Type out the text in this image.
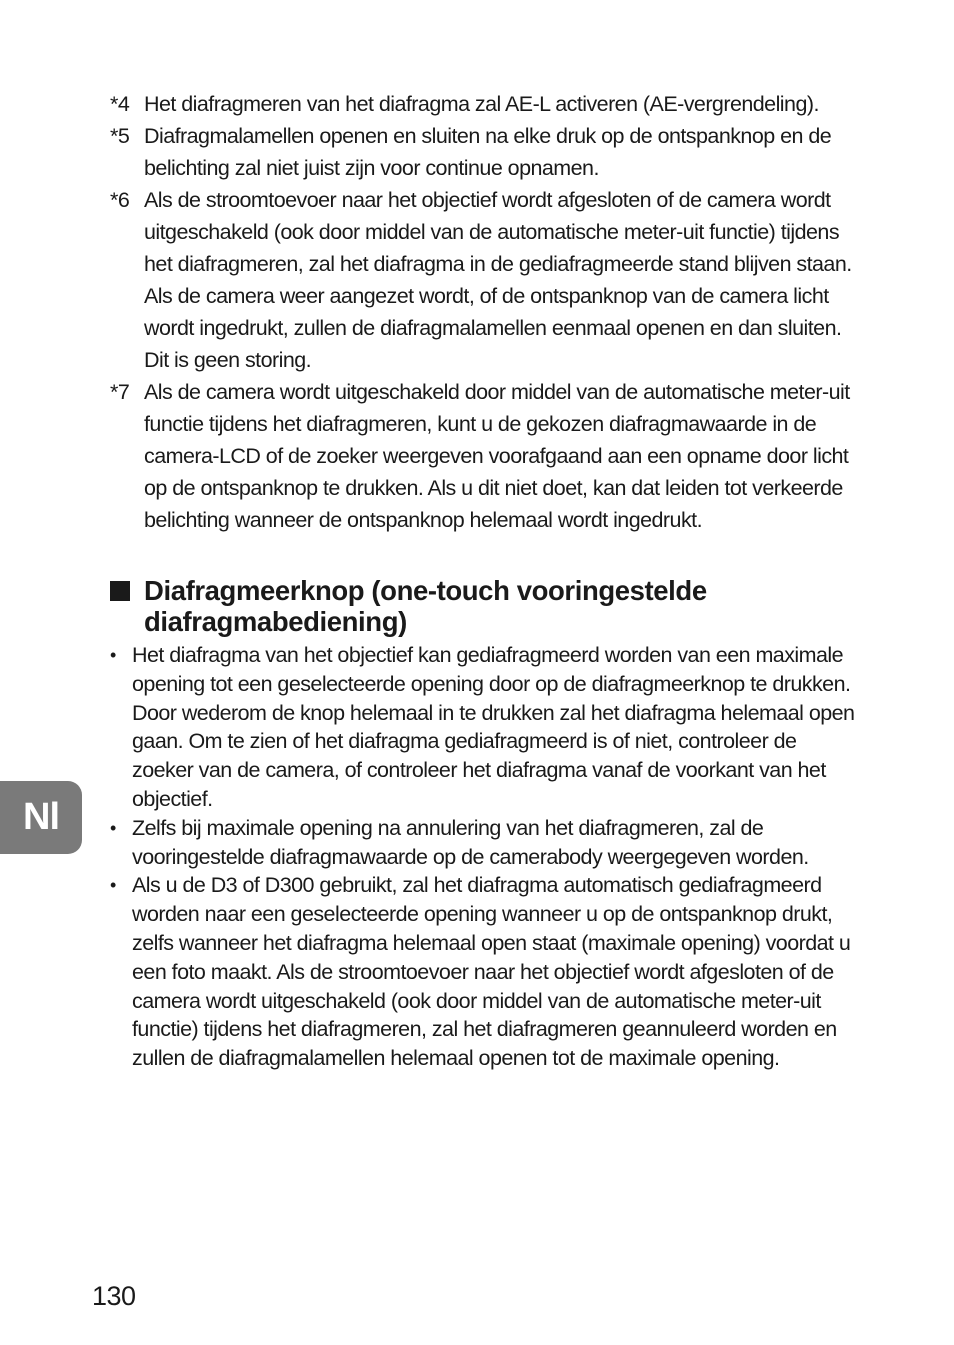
*4 Het diafragmeren van het diafragma zal AE-L activeren (AE-vergrendeling).
*5 Diafragmalamellen openen en sluiten na elke druk op de ontspanknop en de belichting zal niet juist zijn voor continue opnamen.
*6 Als de stroomtoevoer naar het objectief wordt afgesloten of de camera wordt uitgeschakeld (ook door middel van de automatische meter-uit functie) tijdens het diafragmeren, zal het diafragma in de gediafragmeerde stand blijven staan. Als de camera weer aangezet wordt, of de ontspanknop van de camera licht wordt ingedrukt, zullen de diafragmalamellen eenmaal openen en dan sluiten. Dit is geen storing.
*7 Als de camera wordt uitgeschakeld door middel van de automatische meter-uit functie tijdens het diafragmeren, kunt u de gekozen diafragmawaarde in de camera-LCD of de zoeker weergeven voorafgaand aan een opname door licht op de ontspanknop te drukken. Als u dit niet doet, kan dat leiden tot verkeerde belichting wanneer de ontspanknop helemaal wordt ingedrukt.
Diafragmeerknop (one-touch vooringestelde diafragmabediening)
• Het diafragma van het objectief kan gediafragmeerd worden van een maximale opening tot een geselecteerde opening door op de diafragmeerknop te drukken. Door wederom de knop helemaal in te drukken zal het diafragma helemaal open gaan. Om te zien of het diafragma gediafragmeerd is of niet, controleer de zoeker van de camera, of controleer het diafragma vanaf de voorkant van het objectief.
• Zelfs bij maximale opening na annulering van het diafragmeren, zal de vooringestelde diafragmawaarde op de camerabody weergegeven worden.
• Als u de D3 of D300 gebruikt, zal het diafragma automatisch gediafragmeerd worden naar een geselecteerde opening wanneer u op de ontspanknop drukt, zelfs wanneer het diafragma helemaal open staat (maximale opening) voordat u een foto maakt. Als de stroomtoevoer naar het objectief wordt afgesloten of de camera wordt uitgeschakeld (ook door middel van de automatische meter-uit functie) tijdens het diafragmeren, zal het diafragmeren geannuleerd worden en zullen de diafragmalamellen helemaal openen tot de maximale opening.
Nl
130
